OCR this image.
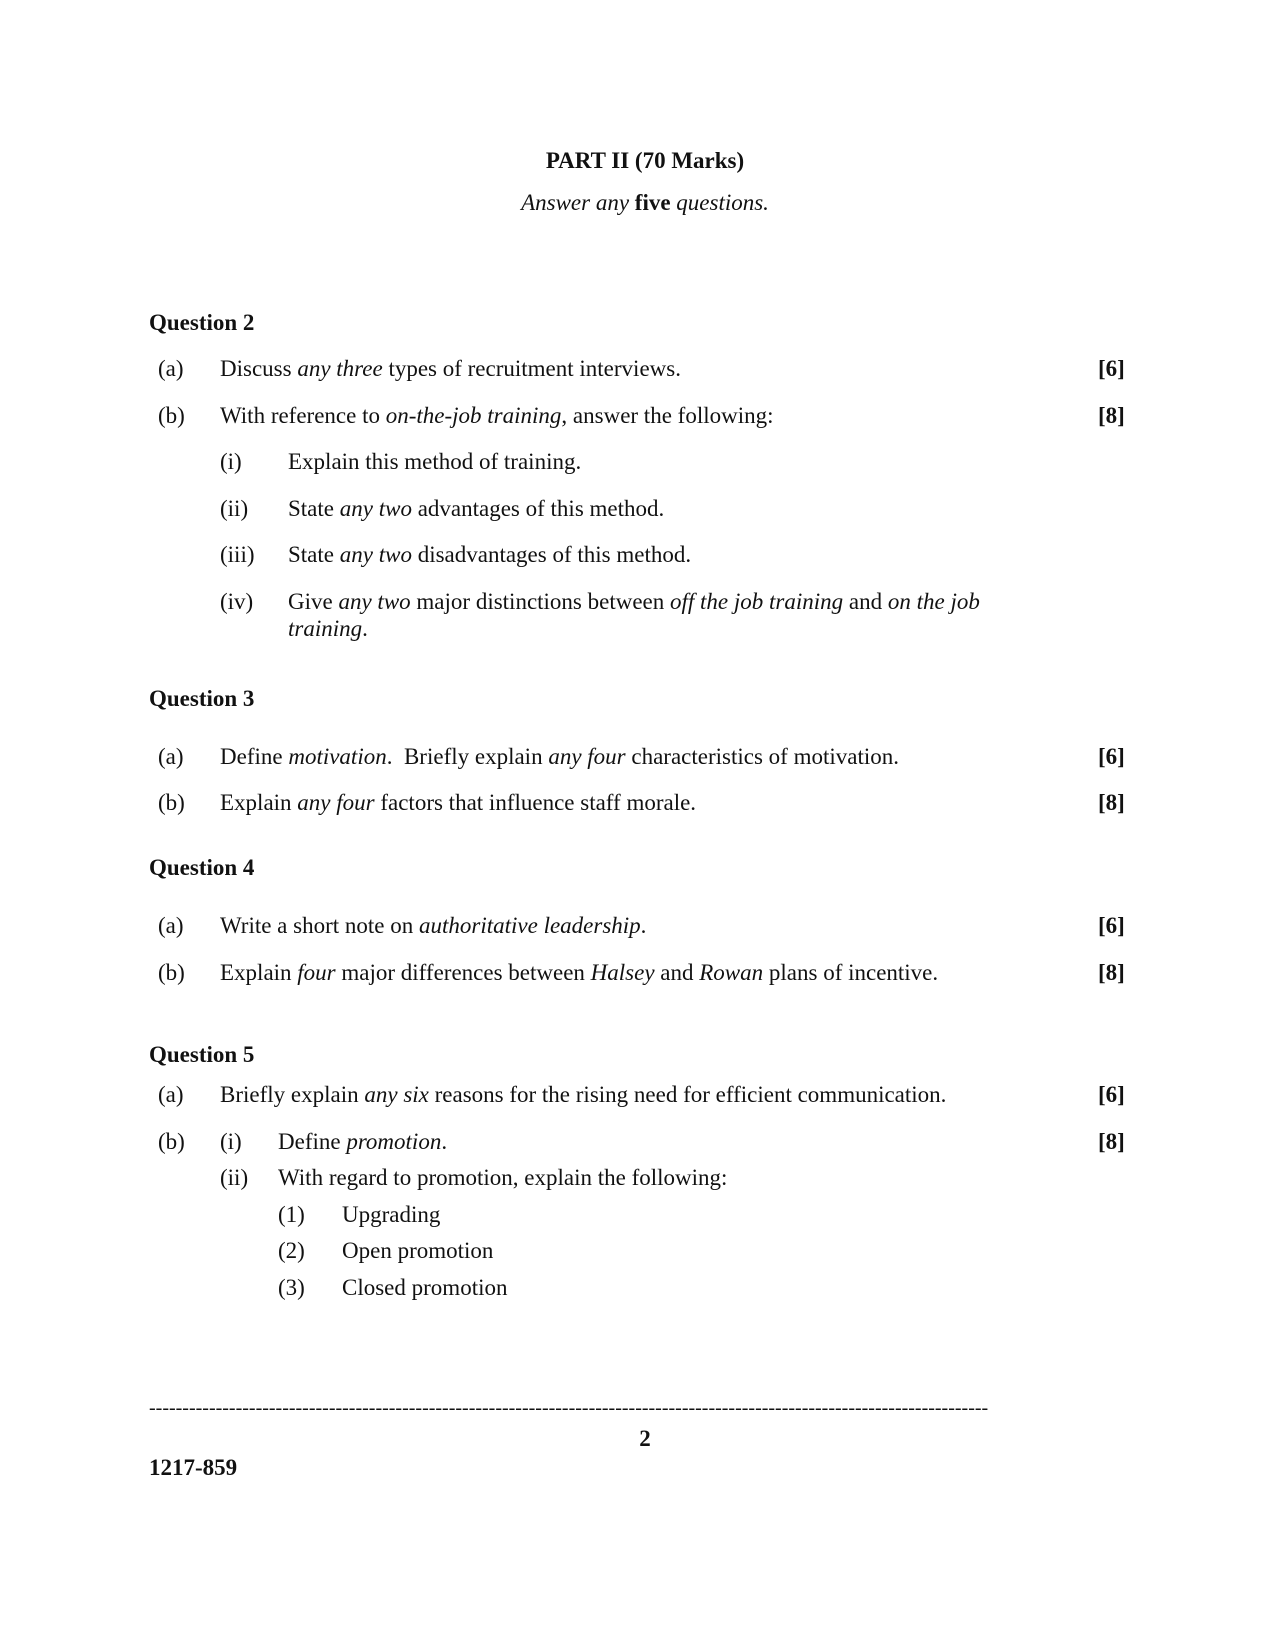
PART II (70 Marks)
Answer any five questions.
Question 2
(a) Discuss any three types of recruitment interviews.	[6]
(b) With reference to on-the-job training, answer the following:	[8]
(i) Explain this method of training.
(ii) State any two advantages of this method.
(iii) State any two disadvantages of this method.
(iv) Give any two major distinctions between off the job training and on the job
training.
Question 3
(a) Define motivation.  Briefly explain any four characteristics of motivation.	[6]
(b) Explain any four factors that influence staff morale.	[8]
Question 4
(a) Write a short note on authoritative leadership.	[6]
(b) Explain four major differences between Halsey and Rowan plans of incentive.	[8]
Question 5
(a) Briefly explain any six reasons for the rising need for efficient communication.	[6]
(b) (i) Define promotion.	[8]
(ii) With regard to promotion, explain the following:
(1) Upgrading
(2) Open promotion
(3) Closed promotion
------------------------------------------------------------------------------------------------------------------------------
2
1217-859
